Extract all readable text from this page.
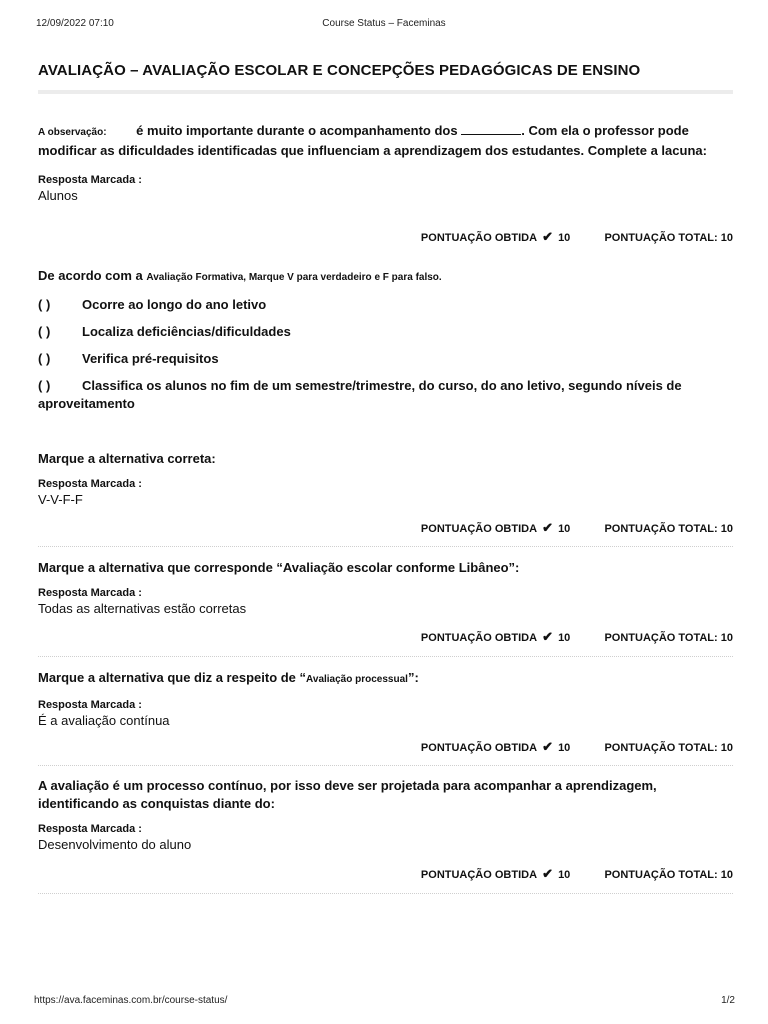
12/09/2022 07:10	Course Status – Faceminas
AVALIAÇÃO – AVALIAÇÃO ESCOLAR E CONCEPÇÕES PEDAGÓGICAS DE ENSINO

A observação: é muito importante durante o acompanhamento dos	. Com ela o professor pode modificar as dificuldades identificadas que influenciam a aprendizagem dos estudantes. Complete a lacuna:

Resposta Marcada :
Alunos
PONTUAÇÃO OBTIDA ✔ 10	PONTUAÇÃO TOTAL: 10

De acordo com a Avaliação Formativa, Marque V para verdadeiro e F para falso.

( ) Ocorre ao longo do ano letivo

( ) Localiza deficiências/dificuldades

( ) Verifica pré-requisitos

( ) Classifica os alunos no fim de um semestre/trimestre, do curso, do ano letivo, segundo níveis de aproveitamento

Marque a alternativa correta:

Resposta Marcada :
V-V-F-F
PONTUAÇÃO OBTIDA ✔ 10	PONTUAÇÃO TOTAL: 10

Marque a alternativa que corresponde “Avaliação escolar conforme Libâneo”:

Resposta Marcada :
Todas as alternativas estão corretas
PONTUAÇÃO OBTIDA ✔ 10	PONTUAÇÃO TOTAL: 10

Marque a alternativa que diz a respeito de “Avaliação processual”:

Resposta Marcada :
É a avaliação contínua
PONTUAÇÃO OBTIDA ✔ 10	PONTUAÇÃO TOTAL: 10

A avaliação é um processo contínuo, por isso deve ser projetada para acompanhar a aprendizagem, identificando as conquistas diante do:

Resposta Marcada :
Desenvolvimento do aluno
PONTUAÇÃO OBTIDA ✔ 10	PONTUAÇÃO TOTAL: 10
https://ava.faceminas.com.br/course-status/	1/2
